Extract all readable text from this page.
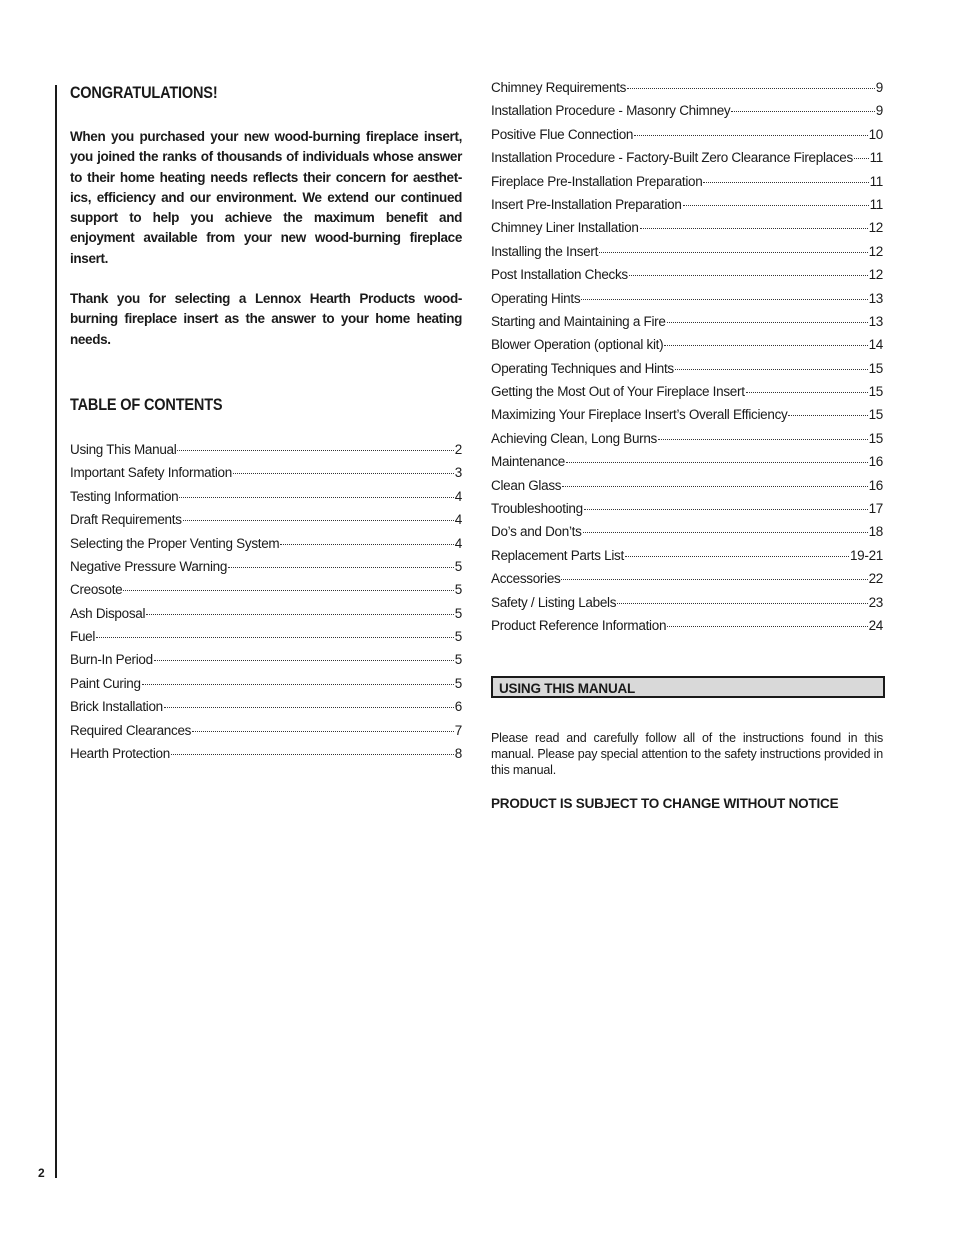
2
CONGRATULATIONS!

When you purchased your new wood-burning fireplace insert, you joined the ranks of thousands of individuals whose answer to their home heating needs reflects their concern for aesthet- ics, efficiency and our environment. We extend our continued support to help you achieve the maximum benefit and enjoyment available from your new wood-burning fireplace insert.

Thank you for selecting a Lennox Hearth Products wood-burning fireplace insert as the answer to your home heating needs.

TABLE OF CONTENTS
Using This Manual	2
Important Safety Information	3
Testing Information	4
Draft Requirements	4
Selecting the Proper Venting System	4
Negative Pressure Warning	5
Creosote	5
Ash Disposal	5
Fuel	5
Burn-In Period	5
Paint Curing	5
Brick Installation	6
Required Clearances	7
Hearth Protection	8
Chimney Requirements	9
Installation Procedure - Masonry Chimney	9
Positive Flue Connection	10
Installation Procedure - Factory-Built Zero Clearance Fireplaces 11
Fireplace Pre-Installation Preparation	11
Insert Pre-Installation Preparation	11
Chimney Liner Installation	12
Installing the Insert	12
Post Installation Checks	12
Operating Hints	13
Starting and Maintaining a Fire	13
Blower Operation (optional kit)	14
Operating Techniques and Hints	15
Getting the Most Out of Your Fireplace Insert	15
Maximizing Your Fireplace Insert’s Overall Efficiency	15
Achieving Clean, Long Burns	15
Maintenance	16
Clean Glass	16
Troubleshooting	17
Do’s and Don’ts	18
Replacement Parts List	19-21
Accessories	22
Safety / Listing Labels	23
Product Reference Information	24
USING THIS MANUAL

Please read and carefully follow all of the instructions found in this manual. Please pay special attention to the safety instructions provided in this manual.

PRODUCT IS SUBJECT TO CHANGE WITHOUT NOTICE
